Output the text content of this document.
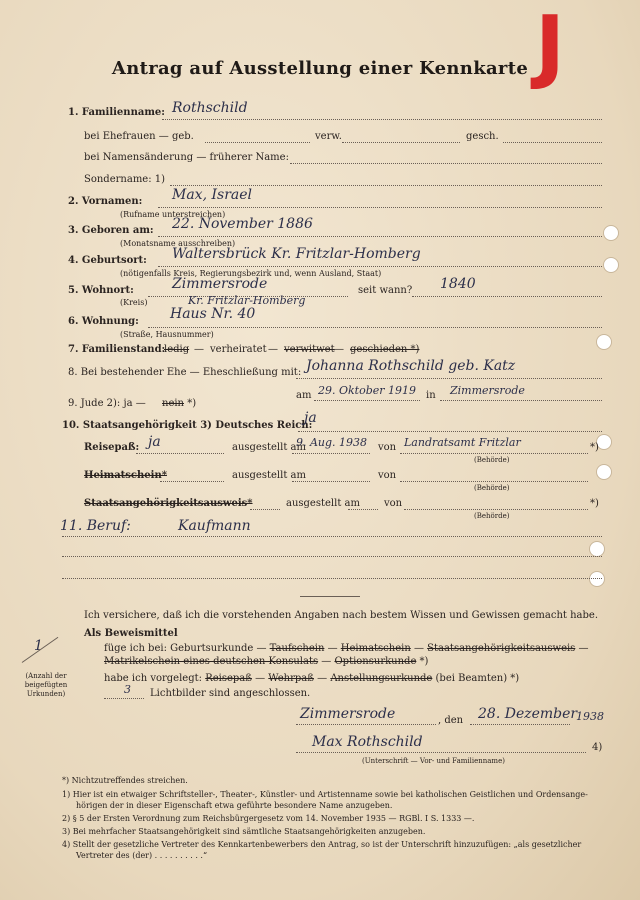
J
Antrag auf Ausstellung einer Kennkarte
1. Familienname: Rothschild
bei Ehefrauen — geb.	verw.	gesch.
bei Namensänderung — früherer Name:
Sondername: 1)
2. Vornamen: Max, Israel
(Rufname unterstreichen)
3. Geboren am: 22. November 1886
(Monatsname ausschreiben)
4. Geburtsort: Waltersbrück Kr. Fritzlar-Homberg
(nötigenfalls Kreis, Regierungsbezirk und, wenn Ausland, Staat)
5. Wohnort:	Zimmersrode	seit wann? 1840
(Kreis)	Kr. Fritzlar-Homberg
6. Wohnung: Haus Nr. 40
(Straße, Hausnummer)
7. Familienstand:
ledig — verheiratet — verwitwet — geschieden *)
8. Bei bestehender Ehe — Eheschließung mit: Johanna Rothschild geb. Katz
am 29. Oktober 1919 in Zimmersrode
9. Jude 2): ja — nein *)
10. Staatsangehörigkeit 3) Deutsches Reich:
ja
Reisepaß: ja	ausgestellt am
9. Aug. 1938 von Landratsamt Fritzlar	*)
(Behörde)
Heimatschein*	ausgestellt am	von
(Behörde)
Staatsangehörigkeitsausweis*	ausgestellt am von	*)
(Behörde)
11. Beruf:	Kaufmann
Ich versichere, daß ich die vorstehenden Angaben nach bestem Wissen und Gewissen gemacht habe.
Als Beweismittel
füge ich bei: Geburtsurkunde — Taufschein — Heimatschein — Staatsangehörigkeitsausweis —
Matrikelschein eines deutschen Konsulats — Optionsurkunde *)
habe ich vorgelegt: Reisepaß — Wehrpaß — Anstellungsurkunde (bei Beamten) *)
3 Lichtbilder sind angeschlossen.
1
(Anzahl der beigefügten Urkunden)
Zimmersrode	, den 28. Dezember
1938
Max Rothschild	4)
(Unterschrift — Vor- und Familienname)
*) Nichtzutreffendes streichen.
1) Hier ist ein etwaiger Schriftsteller-, Theater-, Künstler- und Artistenname sowie bei katholischen Geistlichen und Ordensange-
hörigen der in dieser Eigenschaft etwa geführte besondere Name anzugeben.
2) § 5 der Ersten Verordnung zum Reichsbürgergesetz vom 14. November 1935 — RGBl. I S. 1333 —.
3) Bei mehrfacher Staatsangehörigkeit sind sämtliche Staatsangehörigkeiten anzugeben.
4) Stellt der gesetzliche Vertreter des Kennkartenbewerbers den Antrag, so ist der Unterschrift hinzuzufügen: „als gesetzlicher
Vertreter des (der) . . . . . . . . . .“
